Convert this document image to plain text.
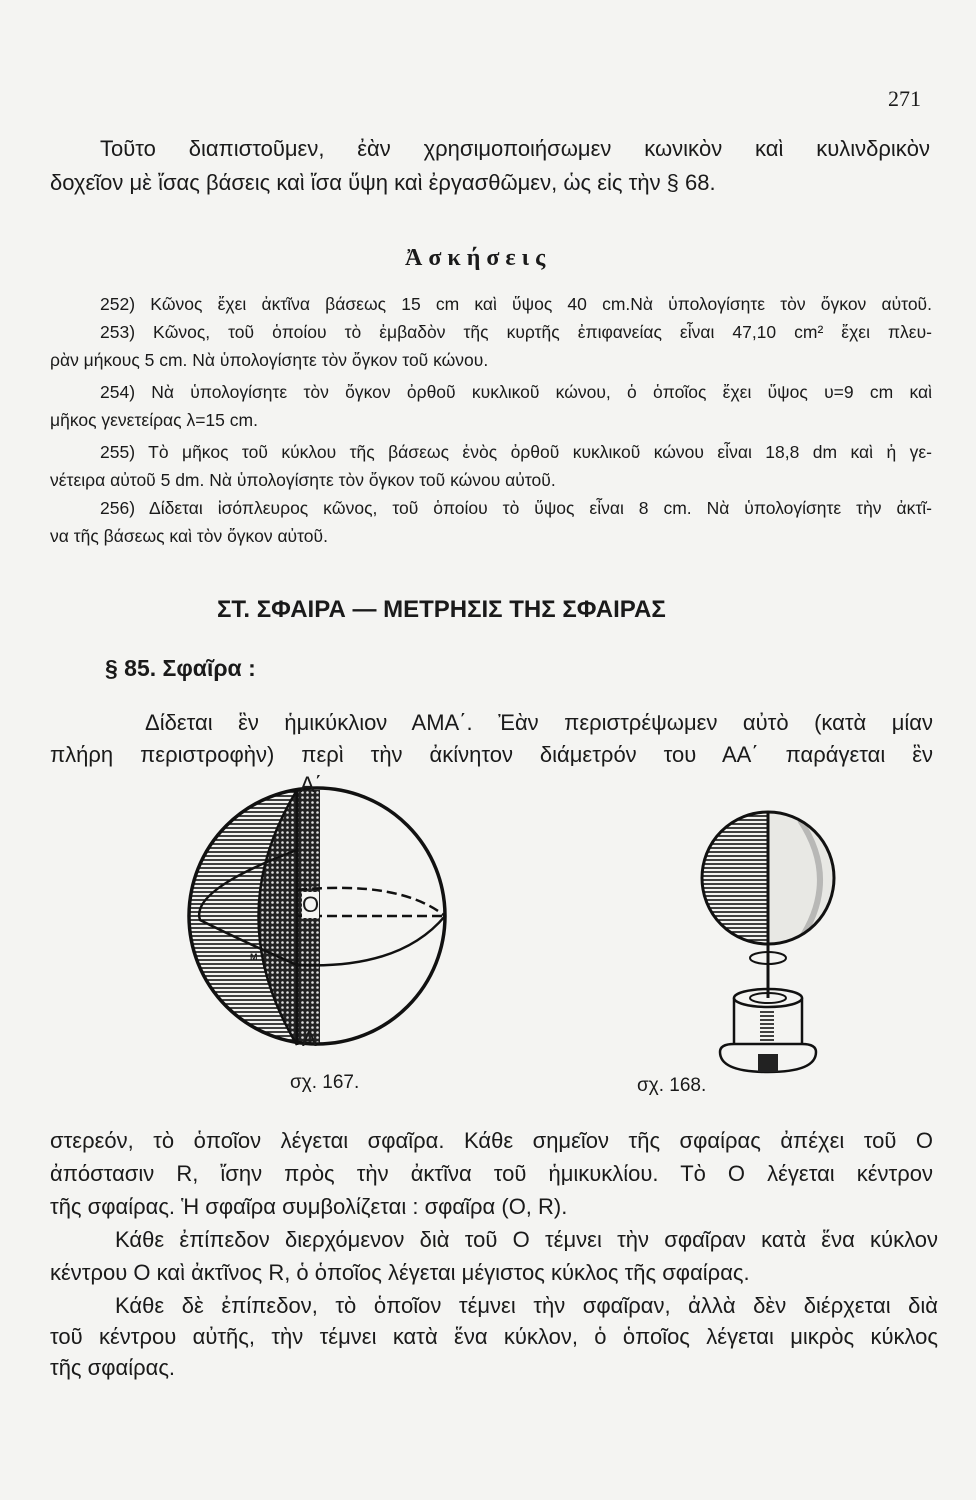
271
Τοῦτο διαπιστοῦμεν, ἐὰν χρησιμοποιήσωμεν κωνικὸν καὶ κυλινδρικὸν
δοχεῖον μὲ ἴσας βάσεις καὶ ἴσα ὕψη καὶ ἐργασθῶμεν, ὡς εἰς τὴν § 68.
Ἀ σ κ ή σ ε ι ς
252) Κῶνος ἔχει ἀκτῖνα βάσεως 15 cm καὶ ὕψος 40 cm.Νὰ ὑπολογίσητε τὸν ὄγκον αὐτοῦ.
253) Κῶνος, τοῦ ὁποίου τὸ ἐμβαδὸν τῆς κυρτῆς ἐπιφανείας εἶναι 47,10 cm² ἔχει πλευ-
ρὰν μήκους 5 cm. Νὰ ὑπολογίσητε τὸν ὄγκον τοῦ κώνου.
254) Νὰ ὑπολογίσητε τὸν ὄγκον ὀρθοῦ κυκλικοῦ κώνου, ὁ ὁποῖος ἔχει ὕψος υ=9 cm καὶ
μῆκος γενετείρας λ=15 cm.
255) Τὸ μῆκος τοῦ κύκλου τῆς βάσεως ἑνὸς ὀρθοῦ κυκλικοῦ κώνου εἶναι 18,8 dm καὶ ἡ γε-
νέτειρα αὐτοῦ 5 dm. Νὰ ὑπολογίσητε τὸν ὄγκον τοῦ κώνου αὐτοῦ.
256) Δίδεται ἰσόπλευρος κῶνος, τοῦ ὁποίου τὸ ὕψος εἶναι 8 cm. Νὰ ὑπολογίσητε τὴν ἀκτῖ-
να τῆς βάσεως καὶ τὸν ὄγκον αὐτοῦ.
ΣΤ. ΣΦΑΙΡΑ — ΜΕΤΡΗΣΙΣ ΤΗΣ ΣΦΑΙΡΑΣ
§ 85. Σφαῖρα :
Δίδεται ἓν ἡμικύκλιον ΑΜΑ΄. Ἐὰν περιστρέψωμεν αὐτὸ (κατὰ μίαν
πλήρη περιστροφὴν) περὶ τὴν ἀκίνητον διάμετρόν του ΑΑ΄ παράγεται ἓν
Α΄
Α
Ο
Μ
σχ. 167.	σχ. 168.
στερεόν, τὸ ὁποῖον λέγεται σφαῖρα. Κάθε σημεῖον τῆς σφαίρας ἀπέχει τοῦ Ο
ἀπόστασιν R, ἴσην πρὸς τὴν ἀκτῖνα τοῦ ἡμικυκλίου. Τὸ Ο λέγεται κέντρον
τῆς σφαίρας. Ἡ σφαῖρα συμβολίζεται : σφαῖρα (Ο, R).
Κάθε ἐπίπεδον διερχόμενον διὰ τοῦ Ο τέμνει τὴν σφαῖραν κατὰ ἕνα κύκλον
κέντρου Ο καὶ ἀκτῖνος R, ὁ ὁποῖος λέγεται μέγιστος κύκλος τῆς σφαίρας.
Κάθε δὲ ἐπίπεδον, τὸ ὁποῖον τέμνει τὴν σφαῖραν, ἀλλὰ δὲν διέρχεται διὰ
τοῦ κέντρου αὐτῆς, τὴν τέμνει κατὰ ἕνα κύκλον, ὁ ὁποῖος λέγεται μικρὸς κύκλος
τῆς σφαίρας.
